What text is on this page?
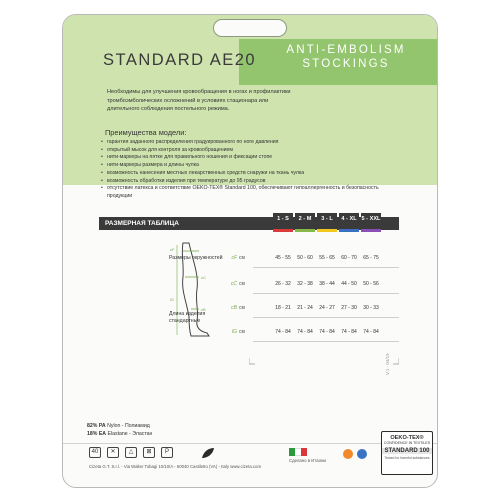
STANDARD AE20
ANTI-EMBOLISM
STOCKINGS
Необходимы для улучшения кровообращения в ногах и профилактики тромбоэмболических осложнений в условиях стационара или длительного соблюдения постельного режима.
Преимущества модели:
• гарантия заданного распределения градуированного по ноге давления
• открытый мысок для контроля за кровообращением
• нити-маркеры на пятке для правильного ношения и фиксации стопе
• нити-маркеры размера и длины чулка
• возможность нанесения местных лекарственных средств снаружи на ткань чулка
• возможность обработки изделия при температуре до 95 градусов
• отсутствие латекса и соответствие OEKO-TEX® Standard 100, обеспечивают гипоаллергенность и безопасность продукции
РАЗМЕРНАЯ ТАБЛИЦА
1 - S	2 - M	3 - L	4 - XL 5 - XXL
cF
cC
cB
lG
Размеры окружностей
Длина изделия стандартные
cF см	45 - 55	50 - 60	55 - 65	60 - 70	65 - 75
cC см	26 - 32	32 - 38	38 - 44	44 - 50	50 - 56
cB см	18 - 21	21 - 24	24 - 27	27 - 30	30 - 33
lG см	74 - 84	74 - 84	74 - 84	74 - 84	74 - 84
V.1 - 04/19
82% PA Nylon - Полиамид
18% EA Elastane - Эластан
40	✕	△	⊠	P
Cizeta G.T. S.r.l. - Via Walter Tobagi 10/10/A - 60040 Castiletto (VA) - Italy www.cizeta.com
Сделано в Италии
OEKO-TEX®
CONFIDENCE IN TEXTILES
STANDARD 100
Tested for harmful substances
